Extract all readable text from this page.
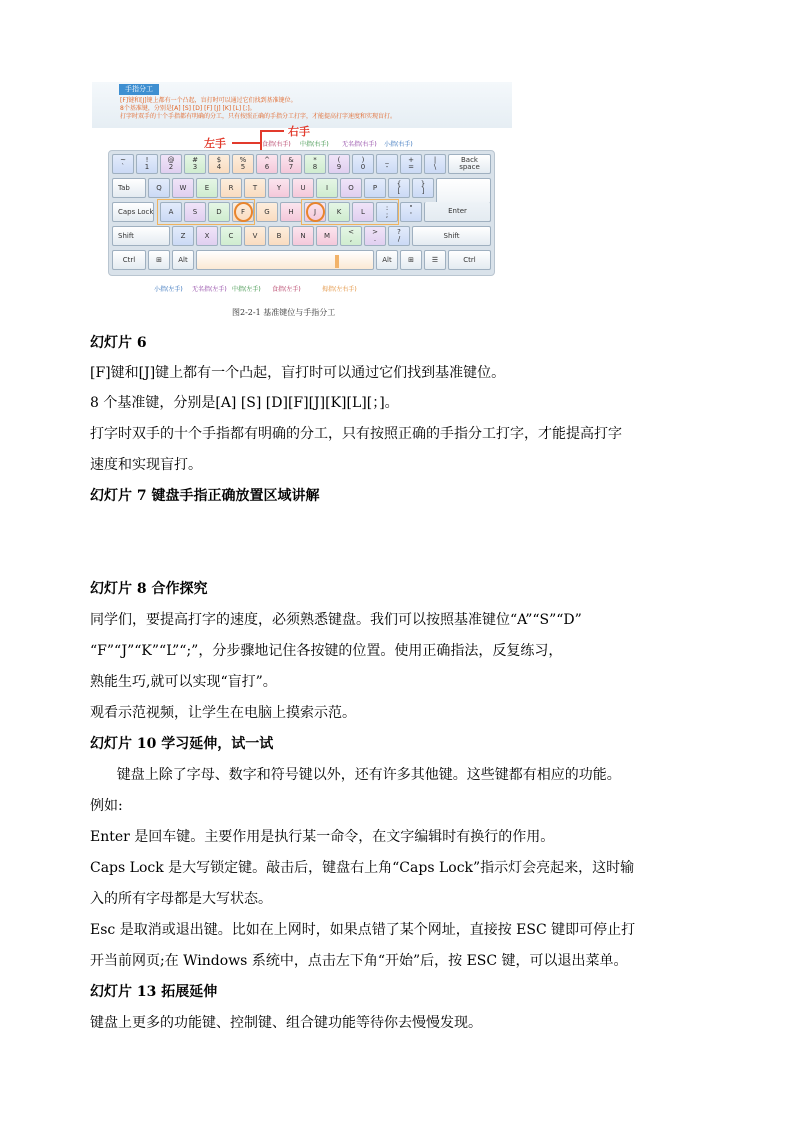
手指分工
[F]键和[J]键上都有一个凸起，盲打时可以通过它们找到基准键位。
8个基准键，分别是[A] [S] [D] [F] [J] [K] [L] [;]。
打字时双手的十个手指都有明确的分工，只有按照正确的手指分工打字，才能提高打字速度和实现盲打。
左手
右手
食指(右手) 中指(右手) 无名指(右手) 小指(右手)
~
`
!
1
@
2
#
3
$
4
%
5
^
6
&
7
*
8
(
9
)
0
_
-
+
=
|
\
Back
space
Tab	Q	W	E	R	T	Y	U	I	O	P	{
[
}
]
Caps Lock	A	S	D	F	G	H	J	K	L	:
;
"
'	Enter
Shift	Z	X	C	V	B	N	M	<
,
>
.
?
/	Shift
Ctrl	⊞	Alt	Alt	⊞	☰	Ctrl
小指(左手) 无名指(左手) 中指(左手) 食指(左手)	拇指(左右手)
图2-2-1 基准键位与手指分工
幻灯片 6
[F]键和[J]键上都有一个凸起，盲打时可以通过它们找到基准键位。
8 个基准键，分别是[A] [S] [D][F][J][K][L][；]。
打字时双手的十个手指都有明确的分工，只有按照正确的手指分工打字，才能提高打字
速度和实现盲打。
幻灯片 7 键盘手指正确放置区域讲解
幻灯片 8 合作探究
同学们，要提高打字的速度，必须熟悉键盘。我们可以按照基准键位“A”“S”“D”
“F”“J”“K”“L”“;”，分步骤地记住各按键的位置。使用正确指法，反复练习，
熟能生巧,就可以实现“盲打”。
观看示范视频，让学生在电脑上摸索示范。
幻灯片 10 学习延伸，试一试
键盘上除了字母、数字和符号键以外，还有许多其他键。这些键都有相应的功能。
例如:
Enter 是回车键。主要作用是执行某一命令，在文字编辑时有换行的作用。
Caps Lock 是大写锁定键。敲击后，键盘右上角“Caps Lock”指示灯会亮起来，这时输
入的所有字母都是大写状态。
Esc 是取消或退出键。比如在上网时，如果点错了某个网址，直接按 ESC 键即可停止打
开当前网页;在 Windows 系统中，点击左下角“开始”后，按 ESC 键，可以退出菜单。
幻灯片 13 拓展延伸
键盘上更多的功能键、控制键、组合键功能等待你去慢慢发现。
